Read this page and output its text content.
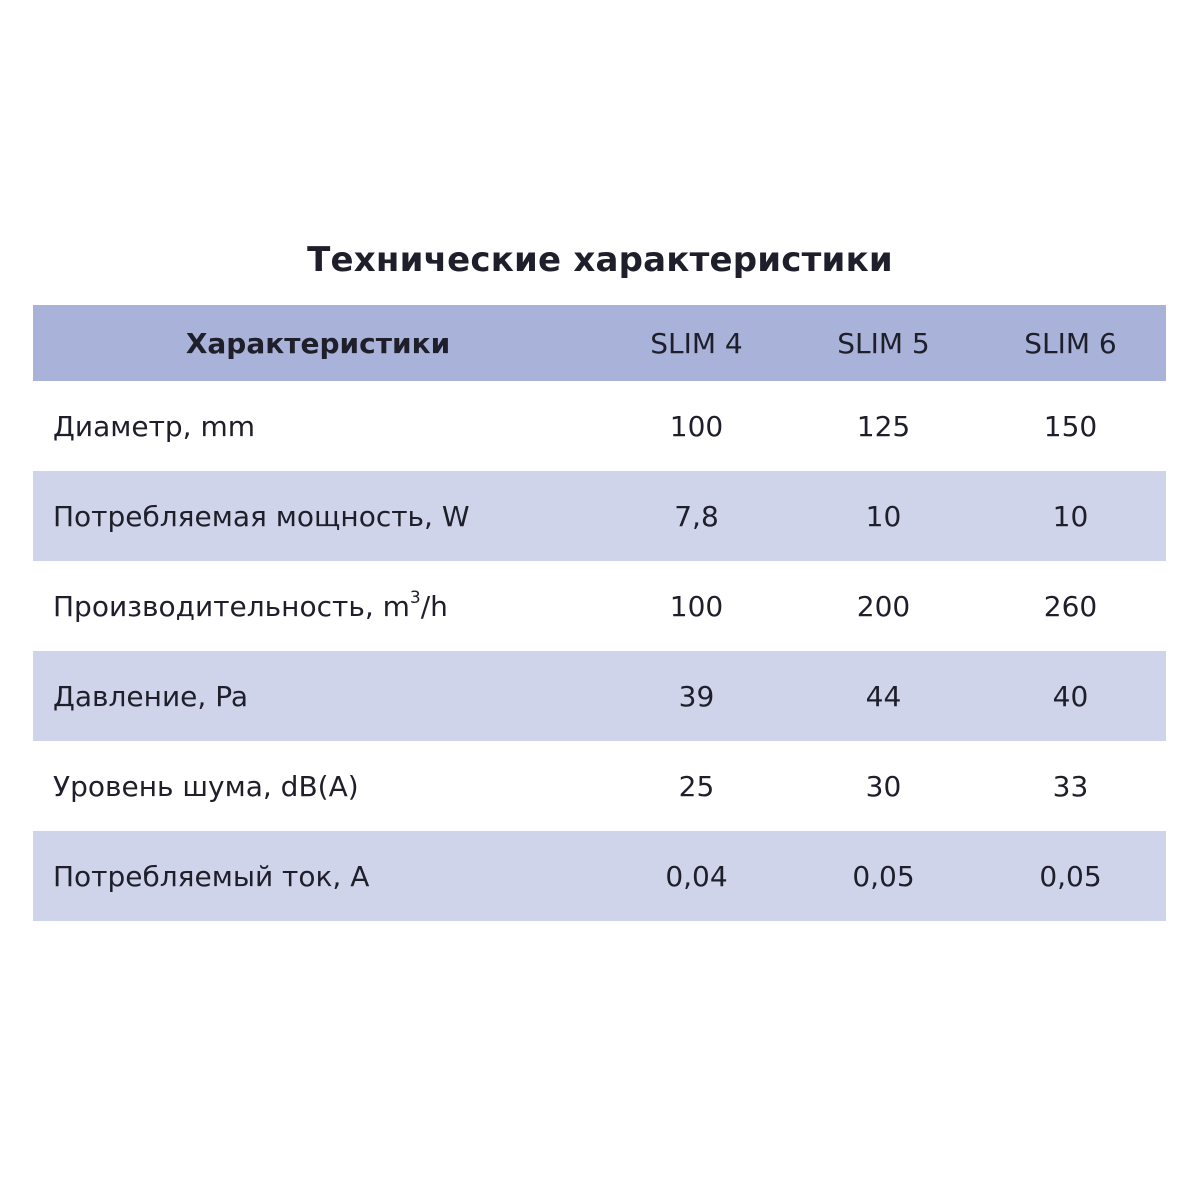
Технические характеристики
Характеристики	SLIM 4	SLIM 5	SLIM 6
Диаметр, mm	100	125	150
Потребляемая мощность, W	7,8	10	10
Производительность, $m^3/h$	100	200	260
Давление, Pa	39	44	40
Уровень шума, dB(A)	25	30	33
Потребляемый ток, A	0,04	0,05	0,05
